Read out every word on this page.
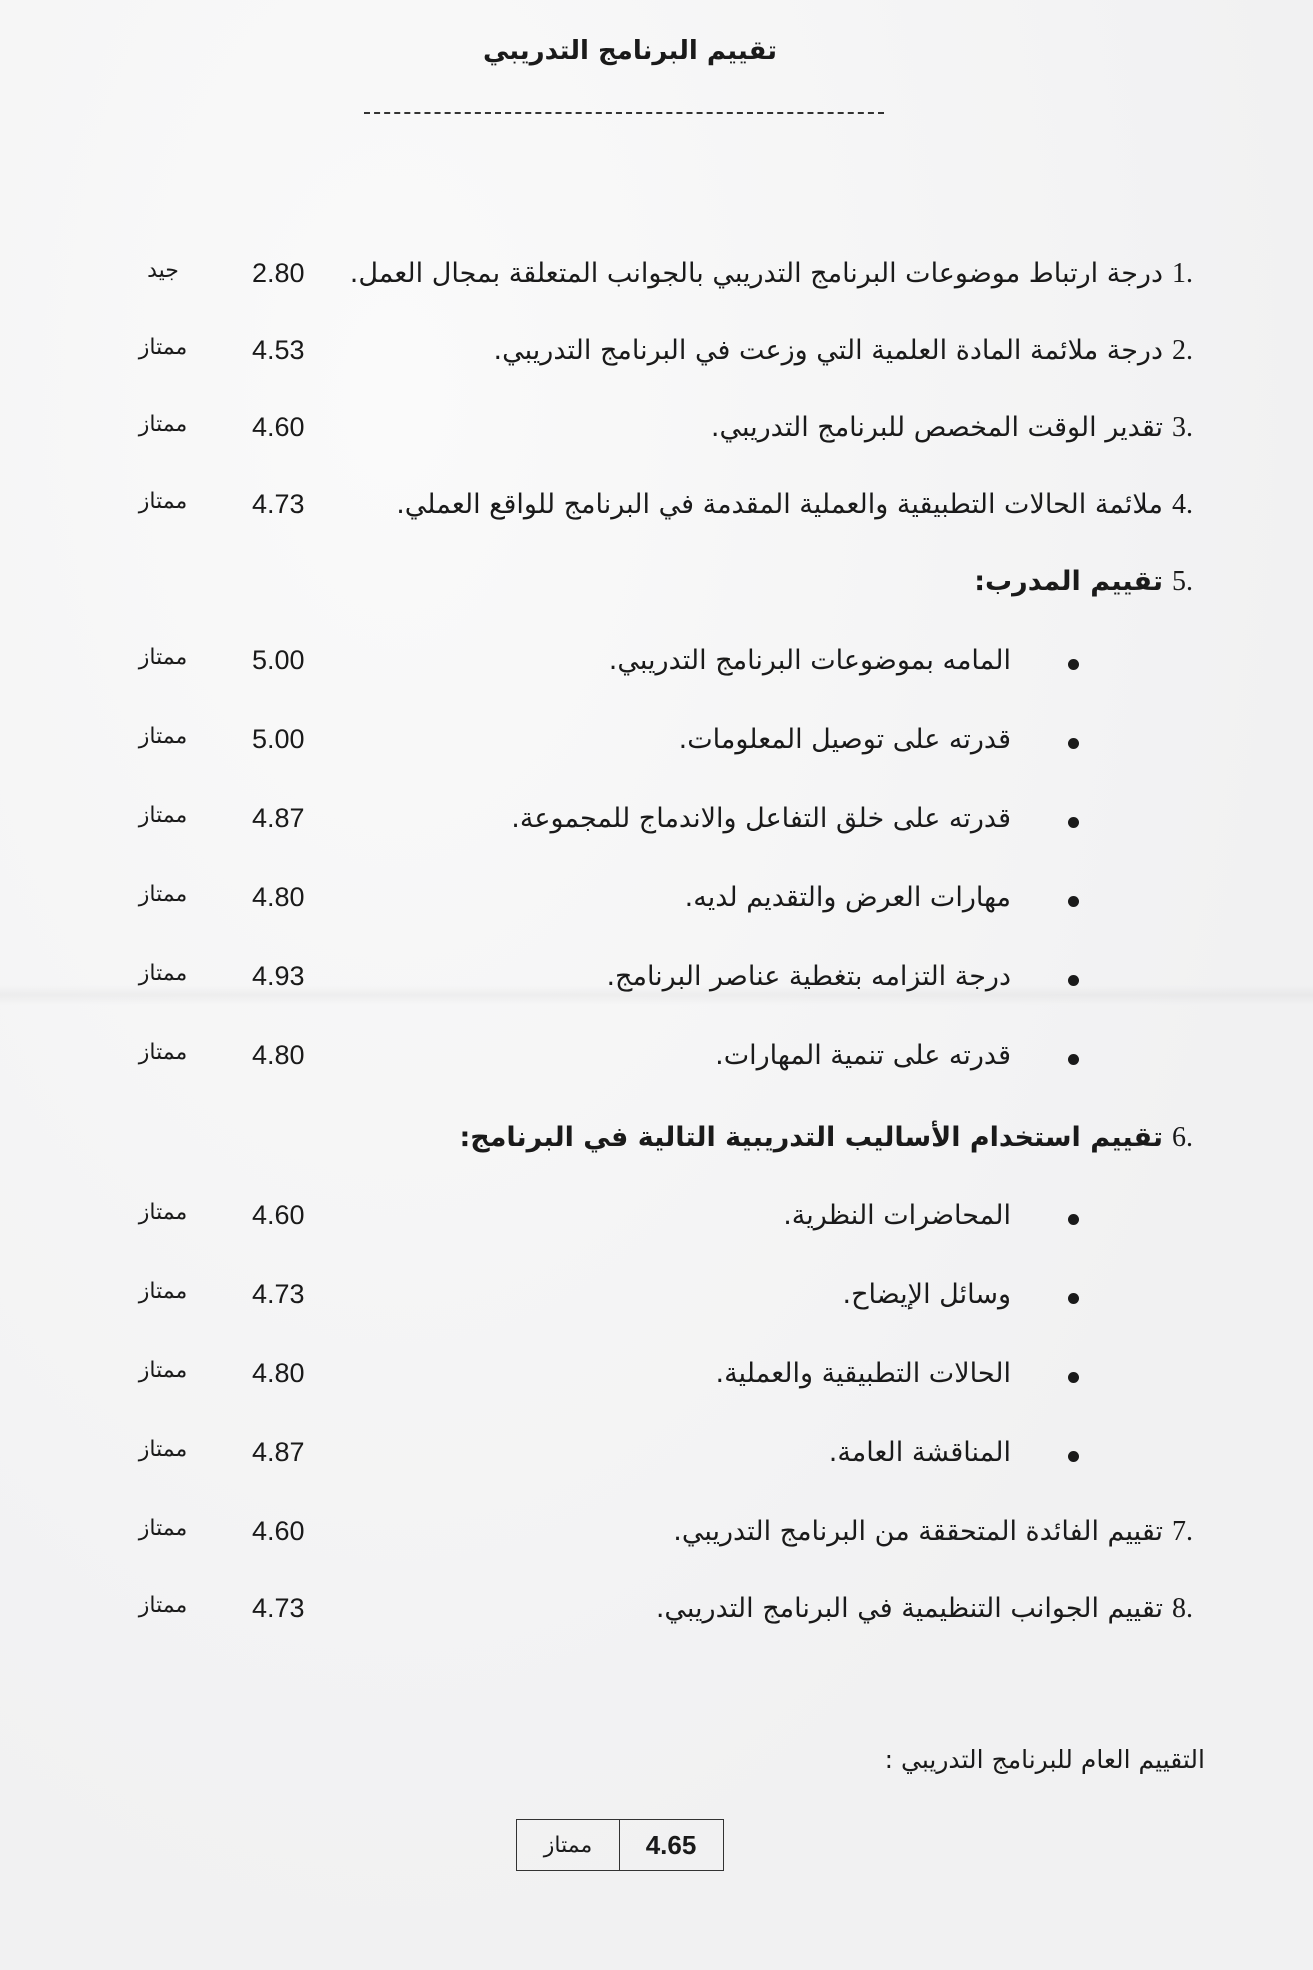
تقييم البرنامج التدريبي
جيد	2.80	درجة ارتباط موضوعات البرنامج التدريبي بالجوانب المتعلقة بمجال العمل. 1.
ممتاز	4.53	درجة ملائمة المادة العلمية التي وزعت في البرنامج التدريبي. 2.
ممتاز	4.60	تقدير الوقت المخصص للبرنامج التدريبي. 3.
ممتاز	4.73	ملائمة الحالات التطبيقية والعملية المقدمة في البرنامج للواقع العملي. 4.
تقييم المدرب: 5.
ممتاز	5.00	المامه بموضوعات البرنامج التدريبي.
ممتاز	5.00	قدرته على توصيل المعلومات.
ممتاز	4.87	قدرته على خلق التفاعل والاندماج للمجموعة.
ممتاز	4.80	مهارات العرض والتقديم لديه.
ممتاز	4.93	درجة التزامه بتغطية عناصر البرنامج.
ممتاز	4.80	قدرته على تنمية المهارات.
تقييم استخدام الأساليب التدريبية التالية في البرنامج: 6.
ممتاز	4.60	المحاضرات النظرية.
ممتاز	4.73	وسائل الإيضاح.
ممتاز	4.80	الحالات التطبيقية والعملية.
ممتاز	4.87	المناقشة العامة.
ممتاز	4.60	تقييم الفائدة المتحققة من البرنامج التدريبي. 7.
ممتاز	4.73	تقييم الجوانب التنظيمية في البرنامج التدريبي. 8.
التقييم العام للبرنامج التدريبي :
ممتاز	4.65
